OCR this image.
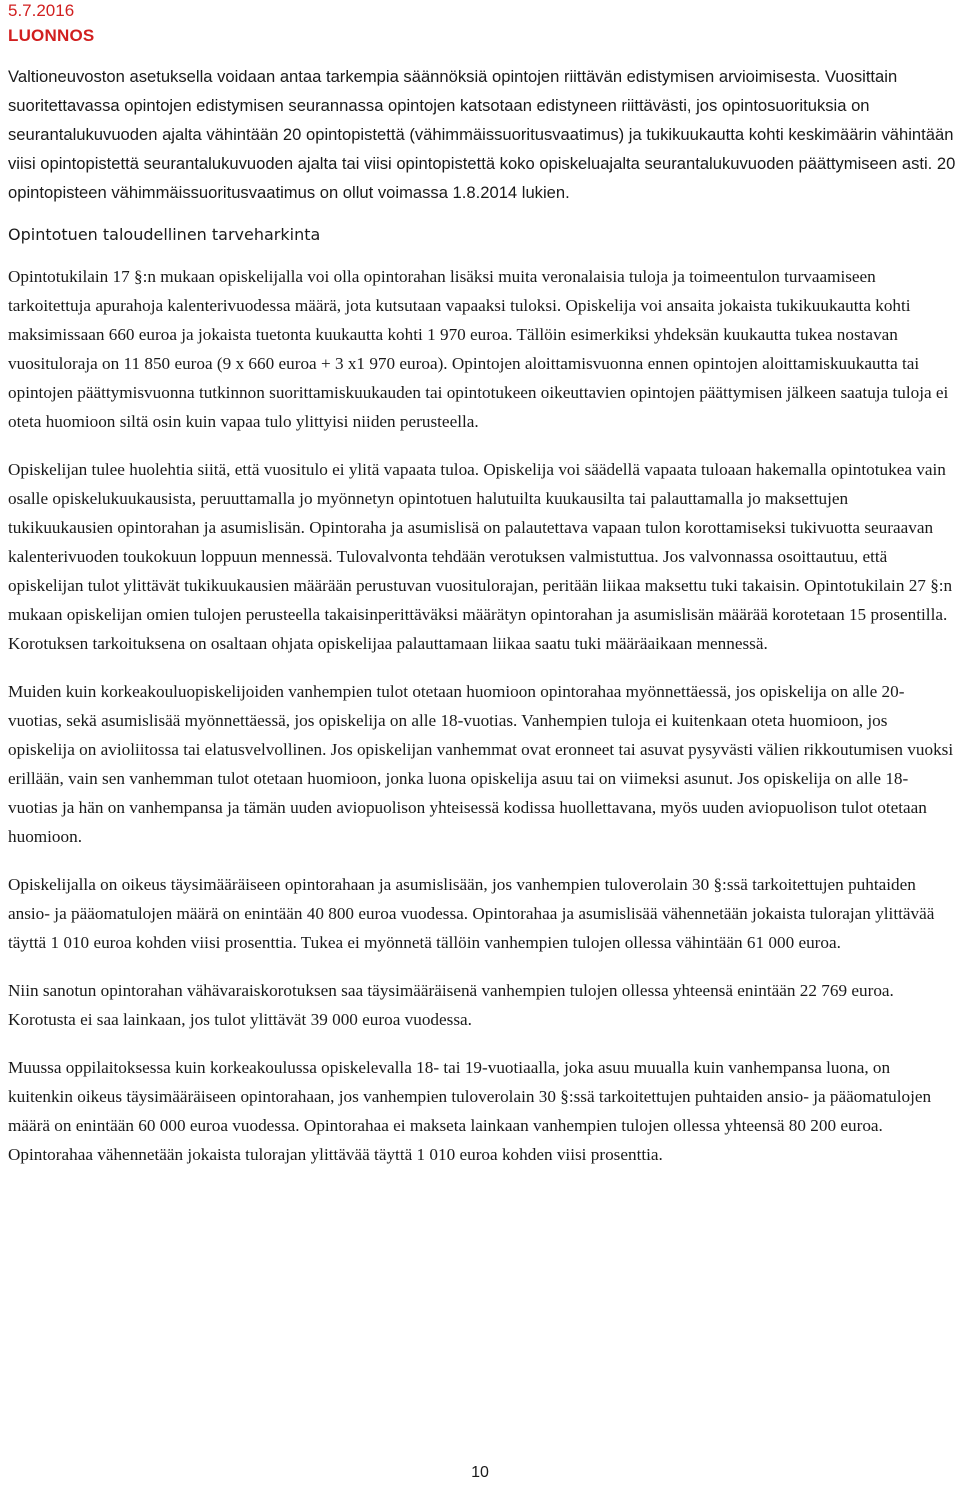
5.7.2016
LUONNOS

Valtioneuvoston asetuksella voidaan antaa tarkempia säännöksiä opintojen riittävän edistymisen arvioimisesta. Vuosittain suoritettavassa opintojen edistymisen seurannassa opintojen katsotaan edistyneen riittävästi, jos opintosuorituksia on seurantalukuvuoden ajalta vähintään 20 opintopistettä (vähimmäissuoritusvaatimus) ja tukikuukautta kohti keskimäärin vähintään viisi opintopistettä seurantalukuvuoden ajalta tai viisi opintopistettä koko opiskeluajalta seurantalukuvuoden päättymiseen asti. 20 opintopisteen vähimmäissuoritusvaatimus on ollut voimassa 1.8.2014 lukien.

Opintotuen taloudellinen tarveharkinta

Opintotukilain 17 §:n mukaan opiskelijalla voi olla opintorahan lisäksi muita veronalaisia tuloja ja toimeentulon turvaamiseen tarkoitettuja apurahoja kalenterivuodessa määrä, jota kutsutaan vapaaksi tuloksi. Opiskelija voi ansaita jokaista tukikuukautta kohti maksimissaan 660 euroa ja jokaista tuetonta kuukautta kohti 1 970 euroa. Tällöin esimerkiksi yhdeksän kuukautta tukea nostavan vuosituloraja on 11 850 euroa (9 x 660 euroa + 3 x1 970 euroa). Opintojen aloittamisvuonna ennen opintojen aloittamiskuukautta tai opintojen päättymisvuonna tutkinnon suorittamiskuukauden tai opintotukeen oikeuttavien opintojen päättymisen jälkeen saatuja tuloja ei oteta huomioon siltä osin kuin vapaa tulo ylittyisi niiden perusteella.

Opiskelijan tulee huolehtia siitä, että vuositulo ei ylitä vapaata tuloa. Opiskelija voi säädellä vapaata tuloaan hakemalla opintotukea vain osalle opiskelukuukausista, peruuttamalla jo myönnetyn opintotuen halutuilta kuukausilta tai palauttamalla jo maksettujen tukikuukausien opintorahan ja asumislisän. Opintoraha ja asumislisä on palautettava vapaan tulon korottamiseksi tukivuotta seuraavan kalenterivuoden toukokuun loppuun mennessä. Tulovalvonta tehdään verotuksen valmistuttua. Jos valvonnassa osoittautuu, että opiskelijan tulot ylittävät tukikuukausien määrään perustuvan vuositulorajan, peritään liikaa maksettu tuki takaisin. Opintotukilain 27 §:n mukaan opiskelijan omien tulojen perusteella takaisinperittäväksi määrätyn opintorahan ja asumislisän määrää korotetaan 15 prosentilla. Korotuksen tarkoituksena on osaltaan ohjata opiskelijaa palauttamaan liikaa saatu tuki määräaikaan mennessä.

Muiden kuin korkeakouluopiskelijoiden vanhempien tulot otetaan huomioon opintorahaa myönnettäessä, jos opiskelija on alle 20-vuotias, sekä asumislisää myönnettäessä, jos opiskelija on alle 18-vuotias. Vanhempien tuloja ei kuitenkaan oteta huomioon, jos opiskelija on avioliitossa tai elatusvelvollinen. Jos opiskelijan vanhemmat ovat eronneet tai asuvat pysyvästi välien rikkoutumisen vuoksi erillään, vain sen vanhemman tulot otetaan huomioon, jonka luona opiskelija asuu tai on viimeksi asunut. Jos opiskelija on alle 18-vuotias ja hän on vanhempansa ja tämän uuden aviopuolison yhteisessä kodissa huollettavana, myös uuden aviopuolison tulot otetaan huomioon.

Opiskelijalla on oikeus täysimääräiseen opintorahaan ja asumislisään, jos vanhempien tuloverolain 30 §:ssä tarkoitettujen puhtaiden ansio- ja pääomatulojen määrä on enintään 40 800 euroa vuodessa. Opintorahaa ja asumislisää vähennetään jokaista tulorajan ylittävää täyttä 1 010 euroa kohden viisi prosenttia. Tukea ei myönnetä tällöin vanhempien tulojen ollessa vähintään 61 000 euroa.

Niin sanotun opintorahan vähävaraiskorotuksen saa täysimääräisenä vanhempien tulojen ollessa yhteensä enintään 22 769 euroa. Korotusta ei saa lainkaan, jos tulot ylittävät 39 000 euroa vuodessa.

Muussa oppilaitoksessa kuin korkeakoulussa opiskelevalla 18- tai 19-vuotiaalla, joka asuu muualla kuin vanhempansa luona, on kuitenkin oikeus täysimääräiseen opintorahaan, jos vanhempien tuloverolain 30 §:ssä tarkoitettujen puhtaiden ansio- ja pääomatulojen määrä on enintään 60 000 euroa vuodessa. Opintorahaa ei makseta lainkaan vanhempien tulojen ollessa yhteensä 80 200 euroa. Opintorahaa vähennetään jokaista tulorajan ylittävää täyttä 1 010 euroa kohden viisi prosenttia.

10
